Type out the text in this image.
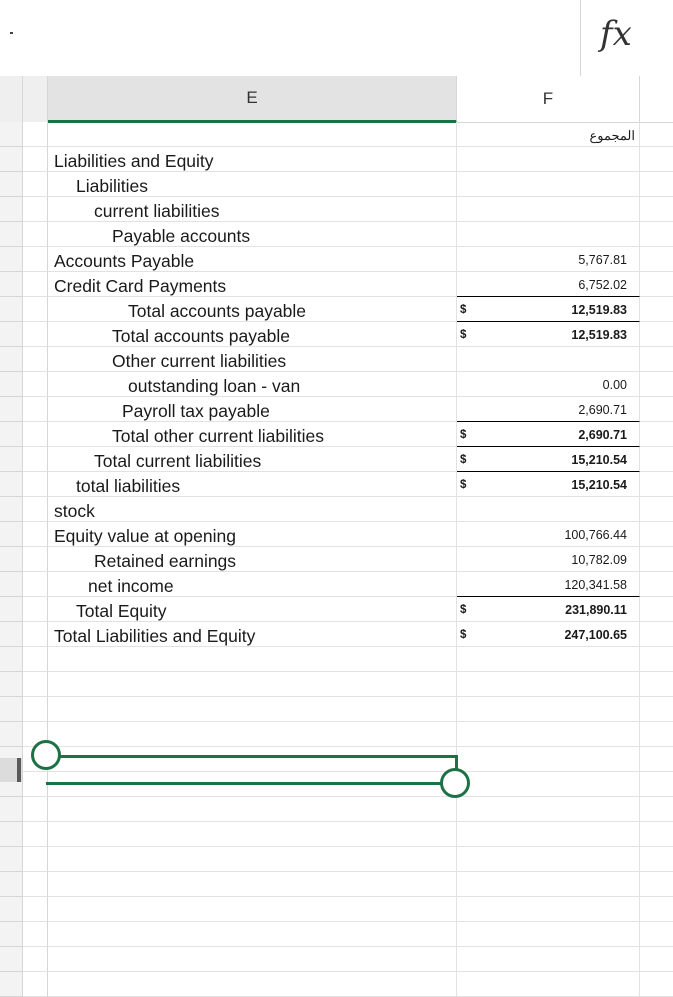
fx
E	F
المجموع
Liabilities and Equity
Liabilities
current liabilities
Payable accounts
Accounts Payable	5,767.81
Credit Card Payments	6,752.02
Total accounts payable	$	12,519.83
Total accounts payable	$	12,519.83
Other current liabilities
outstanding loan - van	0.00
Payroll tax payable	2,690.71
Total other current liabilities	$	2,690.71
Total current liabilities	$	15,210.54
total liabilities	$	15,210.54
stock
Equity value at opening	100,766.44
Retained earnings	10,782.09
net income	120,341.58
Total Equity	$	231,890.11
Total Liabilities and Equity	$	247,100.65
